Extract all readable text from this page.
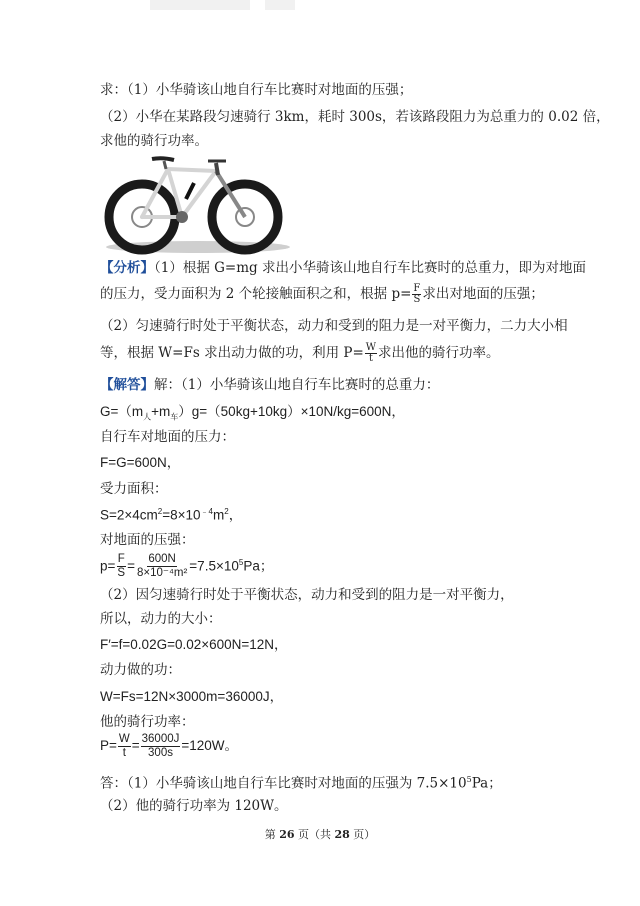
求：（1）小华骑该山地自行车比赛时对地面的压强；
（2）小华在某路段匀速骑行 3km，耗时 300s，若该路段阻力为总重力的 0.02 倍，
求他的骑行功率。
【分析】（1）根据 G=mg 求出小华骑该山地自行车比赛时的总重力，即为对地面
的压力，受力面积为 2 个轮接触面积之和，根据 $p= \frac{F}{S}$ 求出对地面的压强；
（2）匀速骑行时处于平衡状态，动力和受到的阻力是一对平衡力，二力大小相
等，根据 W=Fs 求出动力做的功，利用 $P= \frac{W}{t}$ 求出他的骑行功率。
【解答】解：（1）小华骑该山地自行车比赛时的总重力：
$G=(m_人+m_车)g=(50kg+10kg)\times 10N/kg=600N$，
自行车对地面的压力：
F=G=600N，
受力面积：
$S=2\times 4cm^2=8\times 10^{﹣4}m^2$，
对地面的压强：
$p= \frac{F}{S} = \frac{600N}{\text{8×10⁻⁴m²}} =7.5\times 10^5Pa$；
（2）因匀速骑行时处于平衡状态，动力和受到的阻力是一对平衡力，
所以，动力的大小：
F′=f=0.02G=0.02×600N=12N，
动力做的功：
W=Fs=12N×3000m=36000J，
他的骑行功率：
$P= \frac{W}{t} = \frac{36000J}{300s} =120W$。
答：（1）小华骑该山地自行车比赛时对地面的压强为 $7.5\times 10^5Pa$；
（2）他的骑行功率为 120W。
第 26 页（共 28 页）
